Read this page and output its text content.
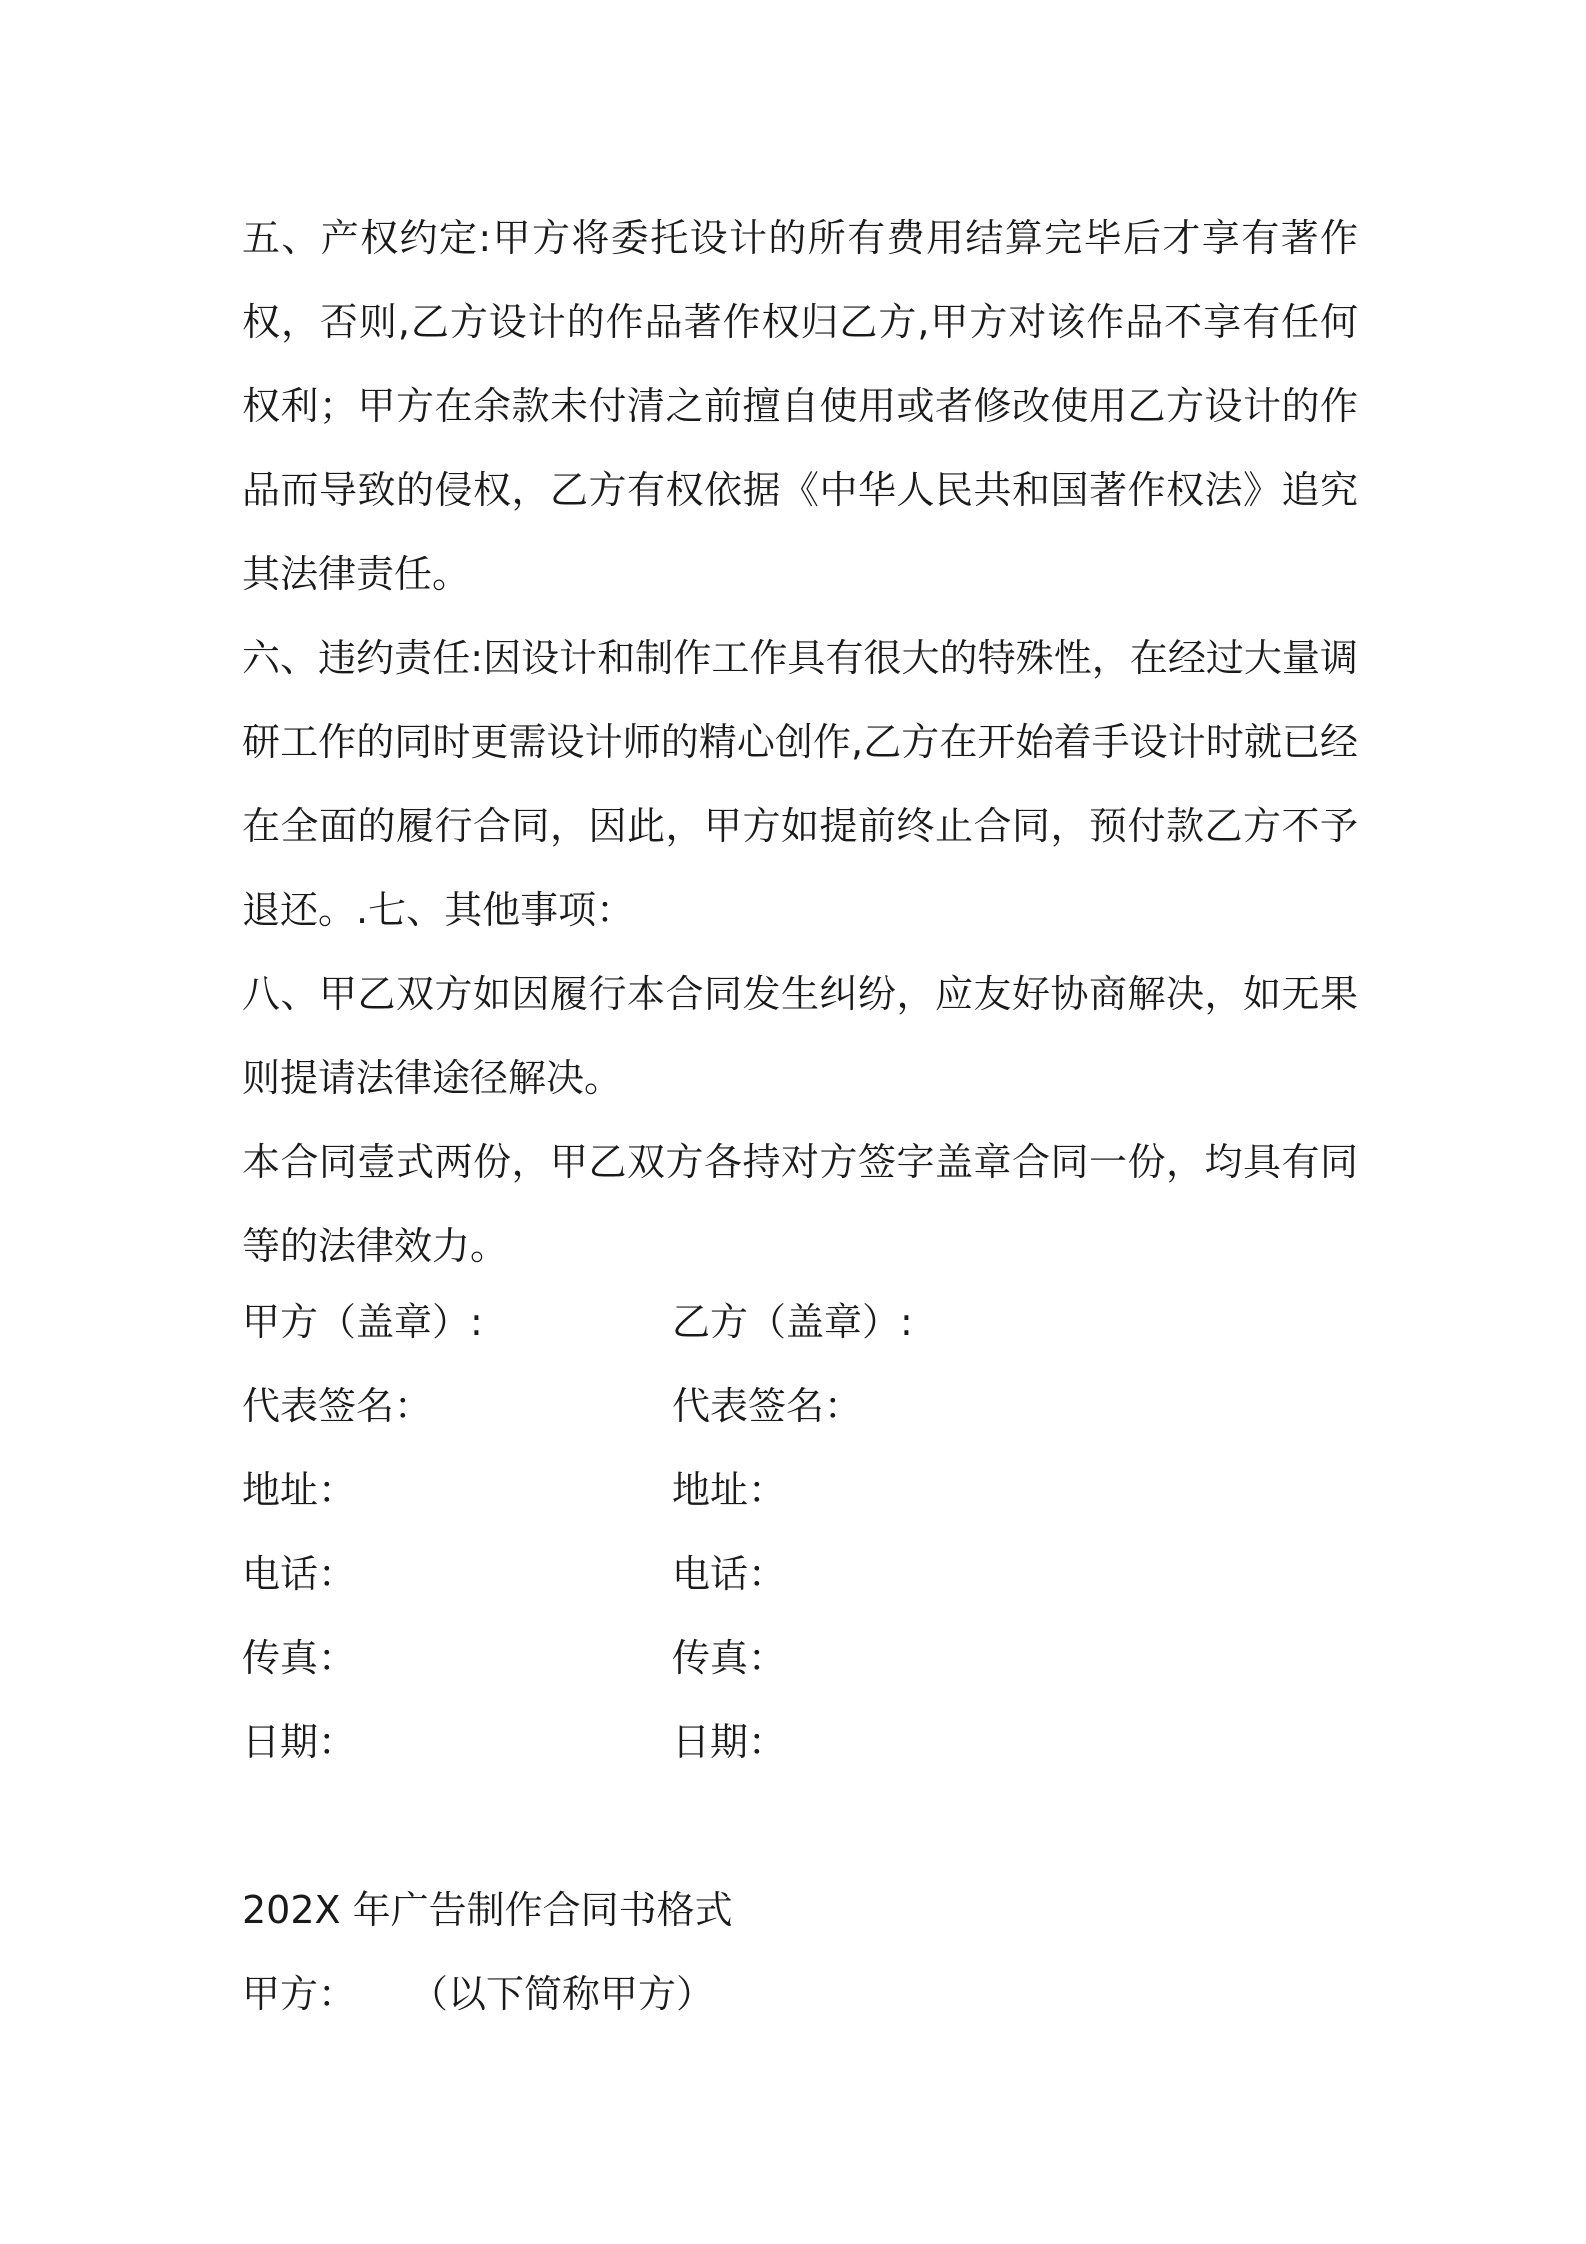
五、产权约定:甲方将委托设计的所有费用结算完毕后才享有著作权，否则,乙方设计的作品著作权归乙方,甲方对该作品不享有任何权利；甲方在余款未付清之前擅自使用或者修改使用乙方设计的作品而导致的侵权，乙方有权依据《中华人民共和国著作权法》追究其法律责任。

六、违约责任:因设计和制作工作具有很大的特殊性，在经过大量调研工作的同时更需设计师的精心创作,乙方在开始着手设计时就已经在全面的履行合同，因此，甲方如提前终止合同，预付款乙方不予退还。.七、其他事项：

八、甲乙双方如因履行本合同发生纠纷，应友好协商解决，如无果则提请法律途径解决。

本合同壹式两份，甲乙双方各持对方签字盖章合同一份，均具有同等的法律效力。

甲方（盖章）:	乙方（盖章）:
代表签名：	代表签名：
地址：	地址：
电话：	电话：
传真：	传真：
日期：	日期：
202X 年广告制作合同书格式
甲方： （以下简称甲方）
